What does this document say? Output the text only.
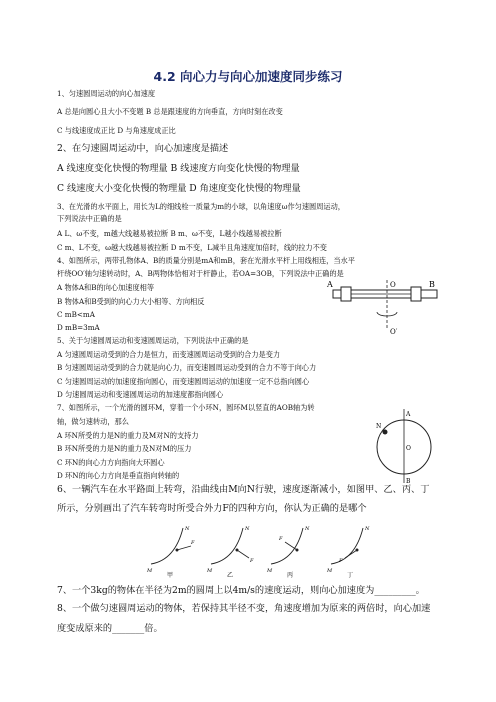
4.2 向心力与向心加速度同步练习
1、匀速圆周运动的向心加速度
A 总是向圆心且大小不变题 B 总是跟速度的方向垂直，方向时刻在改变
C 与线速度成正比 D 与角速度成正比
2、在匀速圆周运动中，向心加速度是描述
A 线速度变化快慢的物理量 B 线速度方向变化快慢的物理量
C 线速度大小变化快慢的物理量 D 角速度变化快慢的物理量
3、在光滑的水平面上，用长为L的细线栓一质量为m的小球，以角速度ω作匀速圆周运动，
下列说法中正确的是
A L、ω不变，m越大线越易被拉断 B m、ω不变，L越小线越易被拉断
C m、L不变，ω越大线越易被拉断 D m不变，L减半且角速度加倍时，线的拉力不变
4、如图所示，两带孔物体A、B的质量分别是mA和mB，套在光滑水平杆上用线相连，当水平
杆绕OO′轴匀速转动时，A、B两物体恰相对于杆静止，若OA=3OB，下列说法中正确的是
A 物体A和B的向心加速度相等
B 物体A和B受到的向心力大小相等、方向相反
C mB<mA
D mB=3mA
5、关于匀速圆周运动和变速圆周运动，下列说法中正确的是
A 匀速圆周运动受到的合力是恒力，而变速圆周运动受到的合力是变力
B 匀速圆周运动受到的合力就是向心力，而变速圆周运动受到的合力不等于向心力
C 匀速圆周运动的加速度指向圆心，而变速圆周运动的加速度一定不总指向圆心
D 匀速圆周运动和变速圆周运动的加速度都指向圆心
7、如图所示，一个光滑的圆环M，穿着一个小环N，圆环M以竖直的AOB轴为转
轴，做匀速转动，那么
A 环N所受的力是N的重力及M对N的支持力
B 环N所受的力是N的重力及N对M的压力
C 环N的向心力方向指向大环圆心
D 环N的向心力方向是垂直指向转轴的
6、一辆汽车在水平路面上转弯，沿曲线由M向N行驶，速度逐渐减小，如图甲、乙、丙、丁
所示，分别画出了汽车转弯时所受合外力F的四种方向，你认为正确的是哪个
7、一个3kg的物体在半径为2m的圆周上以4m/s的速度运动，则向心加速度为_________。
8、一个做匀速圆周运动的物体，若保持其半径不变，角速度增加为原来的两倍时，向心加速
度变成原来的_______倍。
A	B
O
O′
A
O
B
N
M
N
F
甲
M
N
F
乙
M
N
F
丙
M
N
F
丁
